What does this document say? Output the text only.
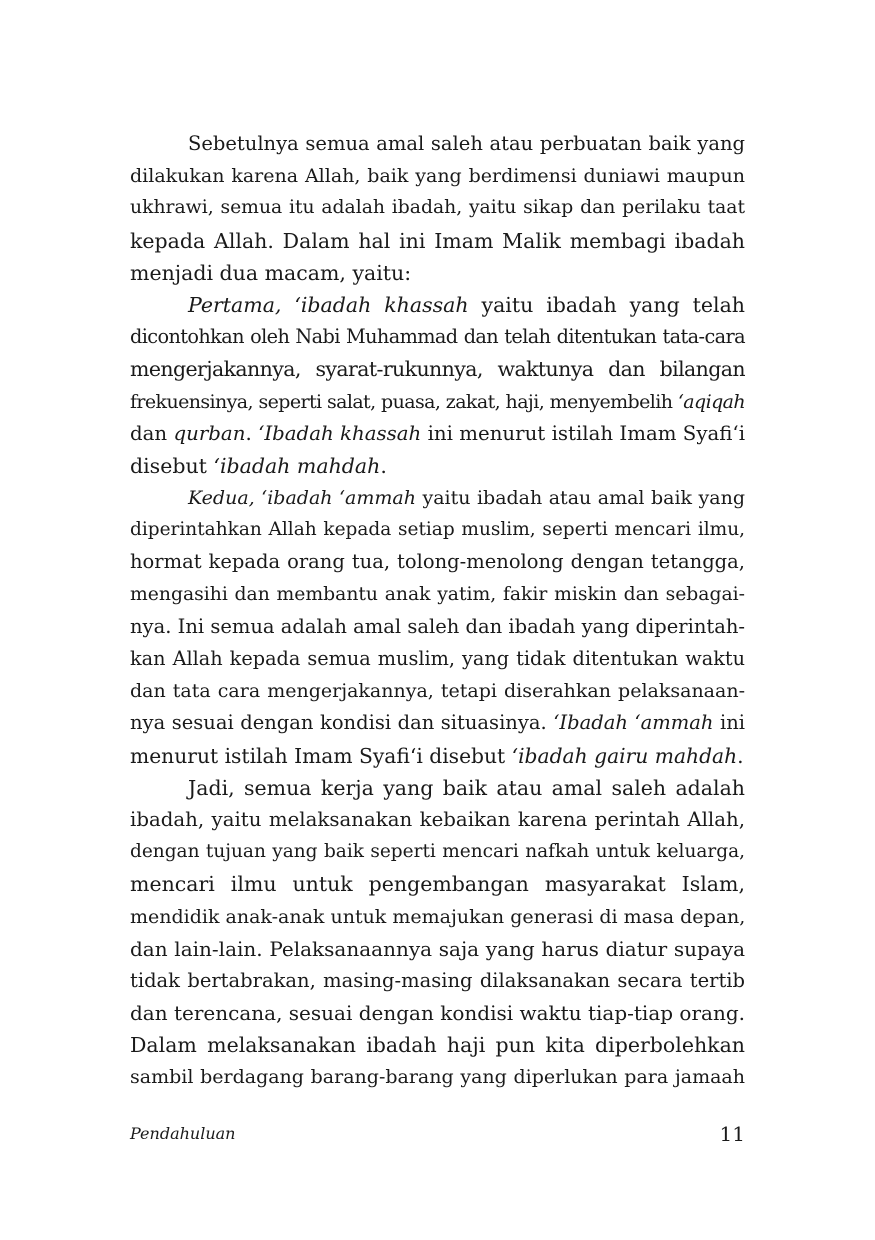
Sebetulnya semua amal saleh atau perbuatan baik yang
dilakukan karena Allah, baik yang berdimensi duniawi maupun
ukhrawi, semua itu adalah ibadah, yaitu sikap dan perilaku taat
kepada Allah. Dalam hal ini Imam Malik membagi ibadah
menjadi dua macam, yaitu:
Pertama, ‘ibadah khassah yaitu ibadah yang telah
dicontohkan oleh Nabi Muhammad dan telah ditentukan tata-cara
mengerjakannya, syarat-rukunnya, waktunya dan bilangan
frekuensinya, seperti salat, puasa, zakat, haji, menyembelih ‘aqiqah
dan qurban. ‘Ibadah khassah ini menurut istilah Imam Syafi‘i
disebut ‘ibadah mahdah.
Kedua, ‘ibadah ‘ammah yaitu ibadah atau amal baik yang
diperintahkan Allah kepada setiap muslim, seperti mencari ilmu,
hormat kepada orang tua, tolong-menolong dengan tetangga,
mengasihi dan membantu anak yatim, fakir miskin dan sebagai-
nya. Ini semua adalah amal saleh dan ibadah yang diperintah-
kan Allah kepada semua muslim, yang tidak ditentukan waktu
dan tata cara mengerjakannya, tetapi diserahkan pelaksanaan-
nya sesuai dengan kondisi dan situasinya. ‘Ibadah ‘ammah ini
menurut istilah Imam Syafi‘i disebut ‘ibadah gairu mahdah.
Jadi, semua kerja yang baik atau amal saleh adalah
ibadah, yaitu melaksanakan kebaikan karena perintah Allah,
dengan tujuan yang baik seperti mencari nafkah untuk keluarga,
mencari ilmu untuk pengembangan masyarakat Islam,
mendidik anak-anak untuk memajukan generasi di masa depan,
dan lain-lain. Pelaksanaannya saja yang harus diatur supaya
tidak bertabrakan, masing-masing dilaksanakan secara tertib
dan terencana, sesuai dengan kondisi waktu tiap-tiap orang.
Dalam melaksanakan ibadah haji pun kita diperbolehkan
sambil berdagang barang-barang yang diperlukan para jamaah
Pendahuluan	11
